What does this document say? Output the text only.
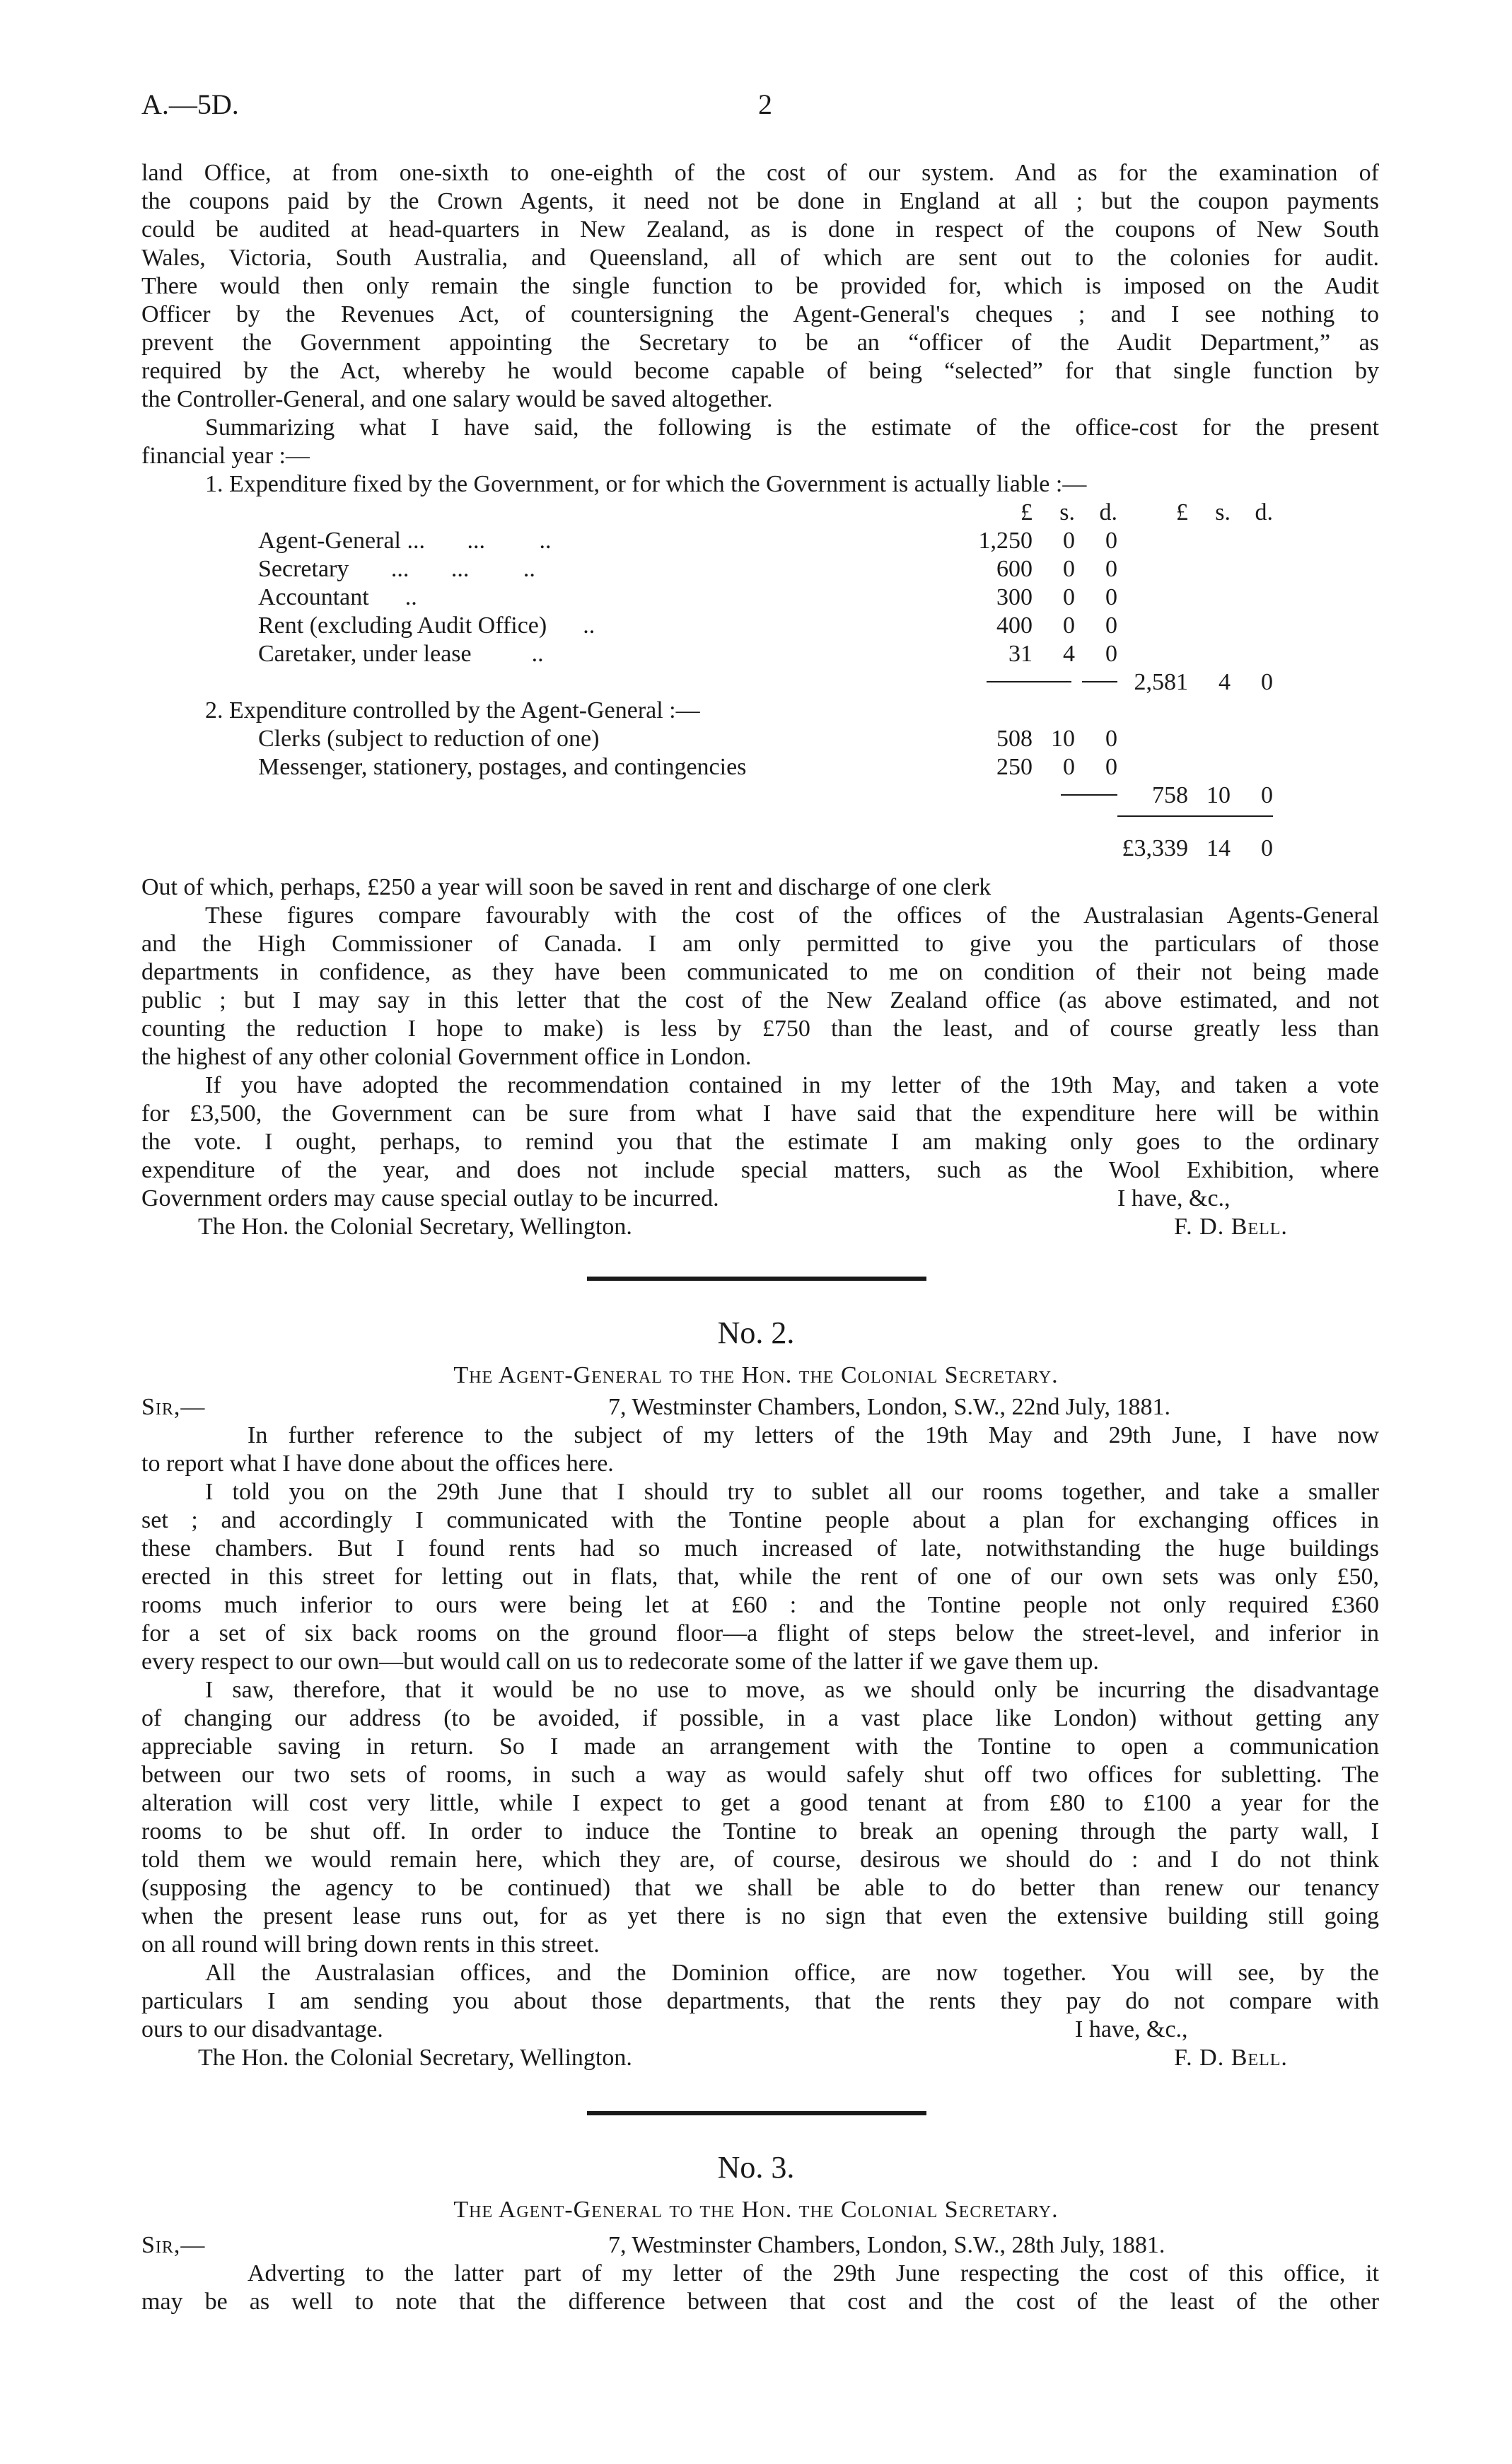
A.—5D.	2
land Office, at from one-sixth to one-eighth of the cost of our system. And as for the examination of
the coupons paid by the Crown Agents, it need not be done in England at all ; but the coupon payments
could be audited at head-quarters in New Zealand, as is done in respect of the coupons of New South
Wales, Victoria, South Australia, and Queensland, all of which are sent out to the colonies for audit.
There would then only remain the single function to be provided for, which is imposed on the Audit
Officer by the Revenues Act, of countersigning the Agent-General's cheques ; and I see nothing to
prevent the Government appointing the Secretary to be an “officer of the Audit Department,” as
required by the Act, whereby he would become capable of being “selected” for that single function by
the Controller-General, and one salary would be saved altogether.
Summarizing what I have said, the following is the estimate of the office-cost for the present
financial year :—
1. Expenditure fixed by the Government, or for which the Government is actually liable :—
£	s.	d.	£	s.	d.
Agent-General ...       ...         ..	1,250	0	0
Secretary       ...       ...         ..	600	0	0
Accountant      ..	300	0	0
Rent (excluding Audit Office)      ..	400	0	0
Caretaker, under lease          ..	31	4	0
2,581	4	0
2. Expenditure controlled by the Agent-General :—
Clerks (subject to reduction of one)	508 10	0
Messenger, stationery, postages, and contingencies	250	0	0
758 10	0
£3,339 14	0
Out of which, perhaps, £250 a year will soon be saved in rent and discharge of one clerk
These figures compare favourably with the cost of the offices of the Australasian Agents-General
and the High Commissioner of Canada. I am only permitted to give you the particulars of those
departments in confidence, as they have been communicated to me on condition of their not being made
public ; but I may say in this letter that the cost of the New Zealand office (as above estimated, and not
counting the reduction I hope to make) is less by £750 than the least, and of course greatly less than
the highest of any other colonial Government office in London.
If you have adopted the recommendation contained in my letter of the 19th May, and taken a vote
for £3,500, the Government can be sure from what I have said that the expenditure here will be within
the vote. I ought, perhaps, to remind you that the estimate I am making only goes to the ordinary
expenditure of the year, and does not include special matters, such as the Wool Exhibition, where
Government orders may cause special outlay to be incurred.	I have, &c.,
The Hon. the Colonial Secretary, Wellington.	F. D. Bell.
No. 2.
The Agent-General to the Hon. the Colonial Secretary.
Sir,—	7, Westminster Chambers, London, S.W., 22nd July, 1881.
In further reference to the subject of my letters of the 19th May and 29th June, I have now
to report what I have done about the offices here.
I told you on the 29th June that I should try to sublet all our rooms together, and take a smaller
set ; and accordingly I communicated with the Tontine people about a plan for exchanging offices in
these chambers. But I found rents had so much increased of late, notwithstanding the huge buildings
erected in this street for letting out in flats, that, while the rent of one of our own sets was only £50,
rooms much inferior to ours were being let at £60 : and the Tontine people not only required £360
for a set of six back rooms on the ground floor—a flight of steps below the street-level, and inferior in
every respect to our own—but would call on us to redecorate some of the latter if we gave them up.
I saw, therefore, that it would be no use to move, as we should only be incurring the disadvantage
of changing our address (to be avoided, if possible, in a vast place like London) without getting any
appreciable saving in return. So I made an arrangement with the Tontine to open a communication
between our two sets of rooms, in such a way as would safely shut off two offices for subletting. The
alteration will cost very little, while I expect to get a good tenant at from £80 to £100 a year for the
rooms to be shut off. In order to induce the Tontine to break an opening through the party wall, I
told them we would remain here, which they are, of course, desirous we should do : and I do not think
(supposing the agency to be continued) that we shall be able to do better than renew our tenancy
when the present lease runs out, for as yet there is no sign that even the extensive building still going
on all round will bring down rents in this street.
All the Australasian offices, and the Dominion office, are now together. You will see, by the
particulars I am sending you about those departments, that the rents they pay do not compare with
ours to our disadvantage.	I have, &c.,
The Hon. the Colonial Secretary, Wellington.	F. D. Bell.
No. 3.
The Agent-General to the Hon. the Colonial Secretary.
Sir,—	7, Westminster Chambers, London, S.W., 28th July, 1881.
Adverting to the latter part of my letter of the 29th June respecting the cost of this office, it
may be as well to note that the difference between that cost and the cost of the least of the other
